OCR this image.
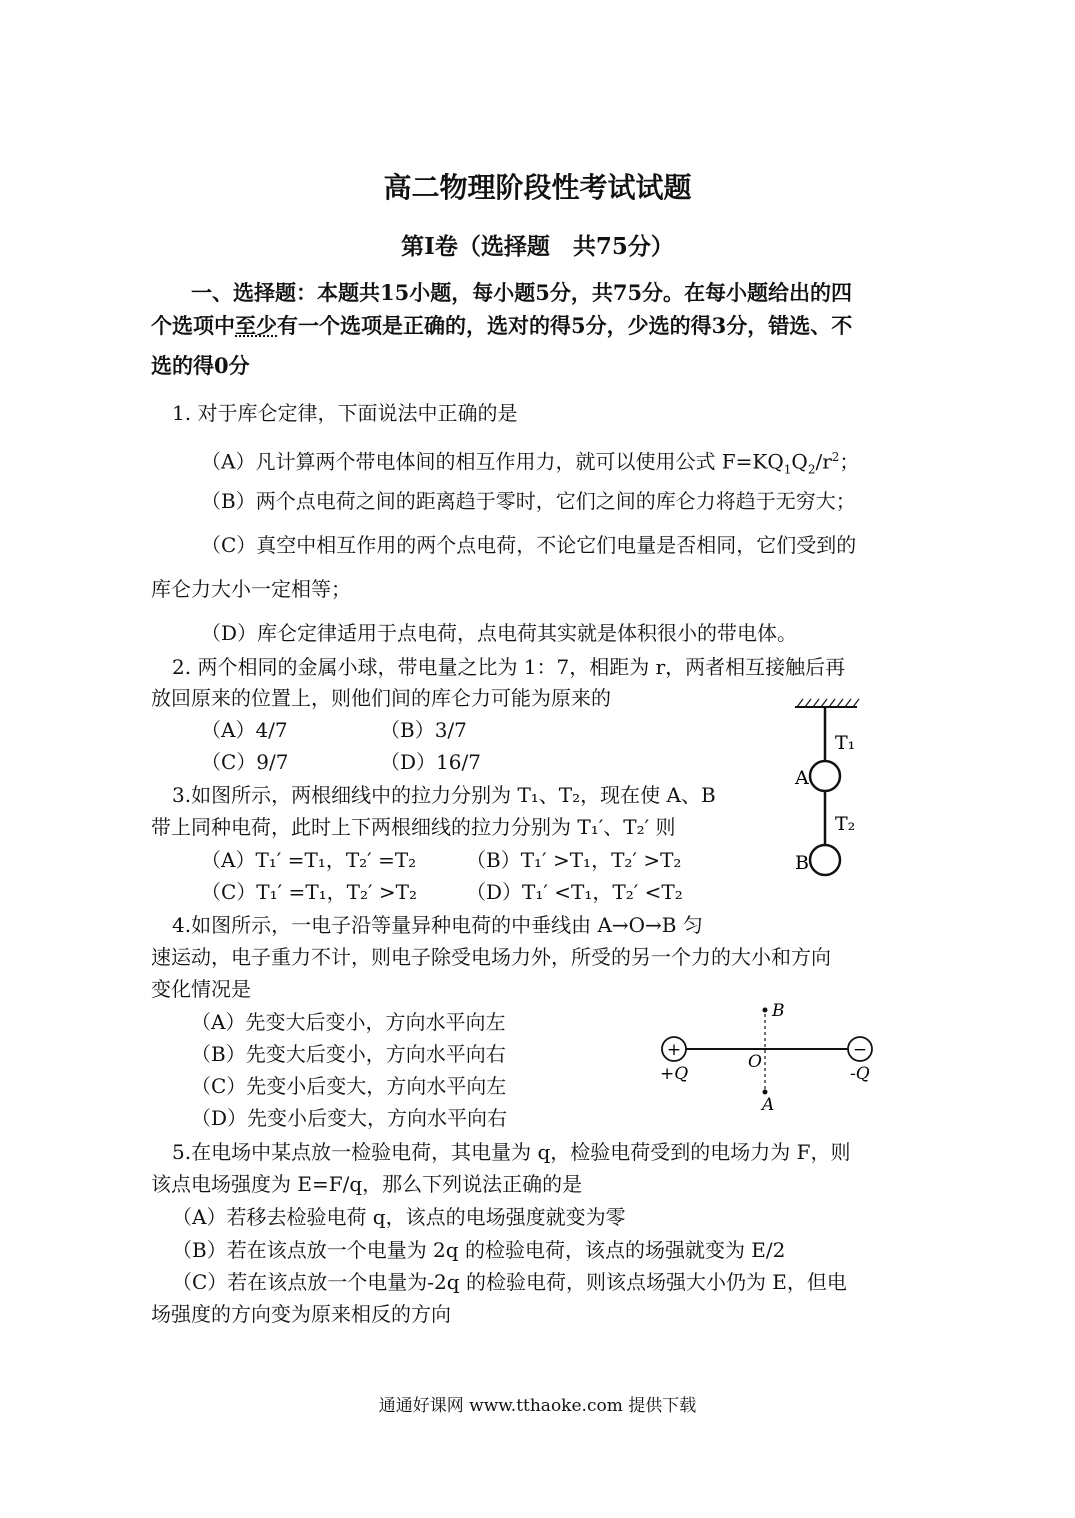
高二物理阶段性考试试题
第Ⅰ卷（选择题　共75分）
一、选择题：本题共15小题，每小题5分，共75分。在每小题给出的四
个选项中至少有一个选项是正确的，选对的得5分，少选的得3分，错选、不
选的得0分
1. 对于库仑定律，下面说法中正确的是
（A）凡计算两个带电体间的相互作用力，就可以使用公式 $F=KQ_1Q_2/r^2$；
（B）两个点电荷之间的距离趋于零时，它们之间的库仑力将趋于无穷大；
（C）真空中相互作用的两个点电荷，不论它们电量是否相同，它们受到的
库仑力大小一定相等；
（D）库仑定律适用于点电荷，点电荷其实就是体积很小的带电体。
2. 两个相同的金属小球，带电量之比为 1：7，相距为 r，两者相互接触后再
放回原来的位置上，则他们间的库仑力可能为原来的
（A）4/7	（B）3/7
（C）9/7	（D）16/7
T₁
T₂
A
B
3.如图所示，两根细线中的拉力分别为 T₁、T₂，现在使 A、B
带上同种电荷，此时上下两根细线的拉力分别为 T₁′、T₂′ 则
（A）T₁′ =T₁，T₂′ =T₂ （B）T₁′ >T₁，T₂′ >T₂
（C）T₁′ =T₁，T₂′ >T₂ （D）T₁′ <T₁，T₂′ <T₂
4.如图所示，一电子沿等量异种电荷的中垂线由 A→O→B 匀
速运动，电子重力不计，则电子除受电场力外，所受的另一个力的大小和方向
变化情况是
（A）先变大后变小，方向水平向左
（B）先变大后变小，方向水平向右
（C）先变小后变大，方向水平向左
（D）先变小后变大，方向水平向右
+	−
+Q	-Q
O
B
A
5.在电场中某点放一检验电荷，其电量为 q，检验电荷受到的电场力为 F，则
该点电场强度为 E=F/q，那么下列说法正确的是
（A）若移去检验电荷 q，该点的电场强度就变为零
（B）若在该点放一个电量为 2q 的检验电荷，该点的场强就变为 E/2
（C）若在该点放一个电量为-2q 的检验电荷，则该点场强大小仍为 E，但电
场强度的方向变为原来相反的方向
通通好课网 www.tthaoke.com 提供下载
